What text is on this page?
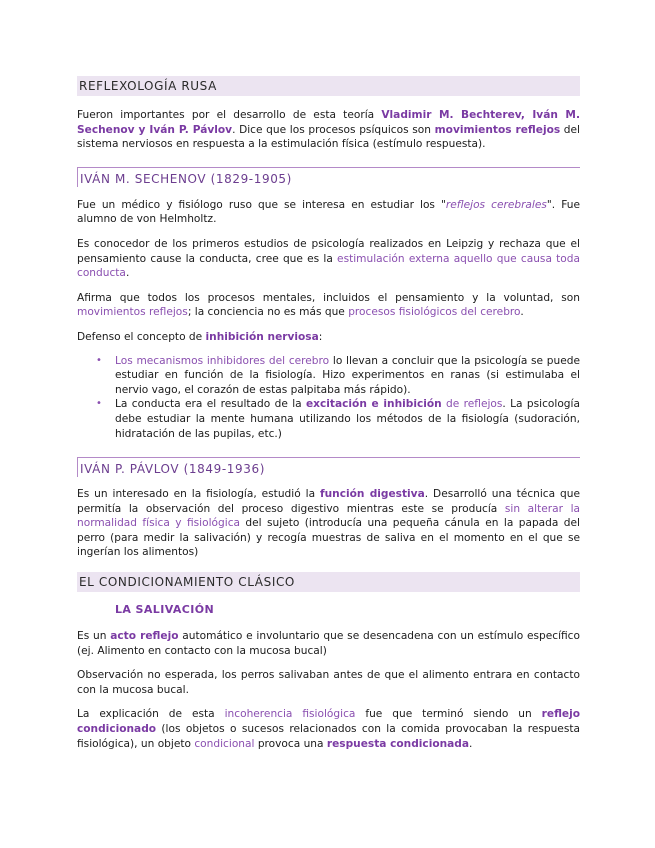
REFLEXOLOGÍA RUSA

Fueron importantes por el desarrollo de esta teoría Vladimir M. Bechterev, Iván M. Sechenov y Iván P. Pávlov. Dice que los procesos psíquicos son movimientos reflejos del sistema nerviosos en respuesta a la estimulación física (estímulo respuesta).

IVÁN M. SECHENOV (1829-1905)

Fue un médico y fisiólogo ruso que se interesa en estudiar los "reflejos cerebrales". Fue alumno de von Helmholtz.

Es conocedor de los primeros estudios de psicología realizados en Leipzig y rechaza que el pensamiento cause la conducta, cree que es la estimulación externa aquello que causa toda conducta.

Afirma que todos los procesos mentales, incluidos el pensamiento y la voluntad, son movimientos reflejos; la conciencia no es más que procesos fisiológicos del cerebro.

Defenso el concepto de inhibición nerviosa:

• Los mecanismos inhibidores del cerebro lo llevan a concluir que la psicología se puede estudiar en función de la fisiología. Hizo experimentos en ranas (si estimulaba el nervio vago, el corazón de estas palpitaba más rápido).

• La conducta era el resultado de la excitación e inhibición de reflejos. La psicología debe estudiar la mente humana utilizando los métodos de la fisiología (sudoración, hidratación de las pupilas, etc.)

IVÁN P. PÁVLOV (1849-1936)

Es un interesado en la fisiología, estudió la función digestiva. Desarrolló una técnica que permitía la observación del proceso digestivo mientras este se producía sin alterar la normalidad física y fisiológica del sujeto (introducía una pequeña cánula en la papada del perro (para medir la salivación) y recogía muestras de saliva en el momento en el que se ingerían los alimentos)

EL CONDICIONAMIENTO CLÁSICO
LA SALIVACIÓN

Es un acto reflejo automático e involuntario que se desencadena con un estímulo específico (ej. Alimento en contacto con la mucosa bucal)

Observación no esperada, los perros salivaban antes de que el alimento entrara en contacto con la mucosa bucal.

La explicación de esta incoherencia fisiológica fue que terminó siendo un reflejo condicionado (los objetos o sucesos relacionados con la comida provocaban la respuesta fisiológica), un objeto condicional provoca una respuesta condicionada.
